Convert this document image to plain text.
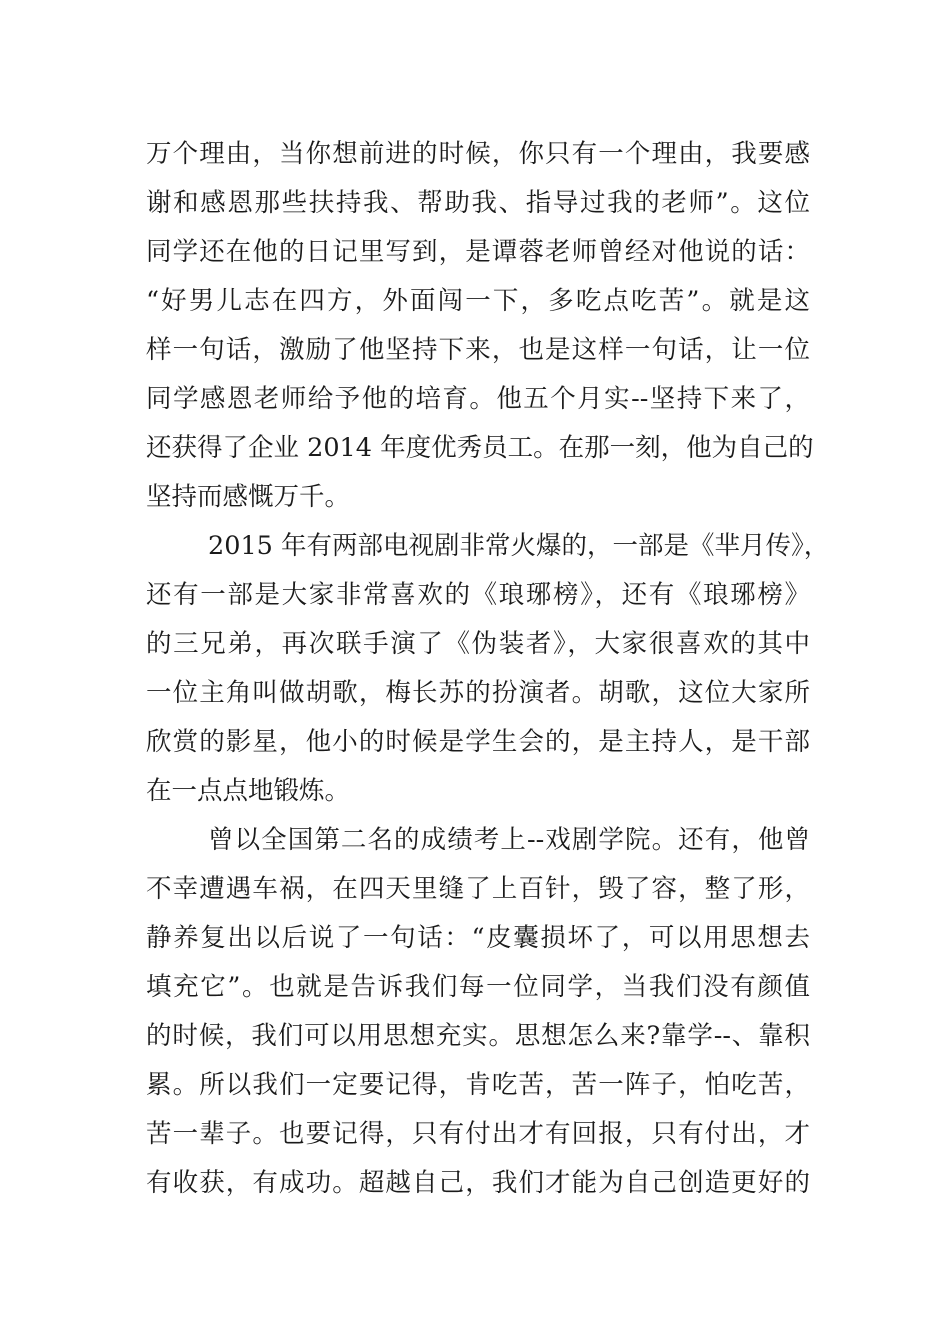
万个理由，当你想前进的时候，你只有一个理由，我要感
谢和感恩那些扶持我、帮助我、指导过我的老师”。这位
同学还在他的日记里写到，是谭蓉老师曾经对他说的话：
“好男儿志在四方，外面闯一下，多吃点吃苦”。就是这
样一句话，激励了他坚持下来，也是这样一句话，让一位
同学感恩老师给予他的培育。他五个月实--坚持下来了，
还获得了企业 2014 年度优秀员工。在那一刻，他为自己的
坚持而感慨万千。
2015 年有两部电视剧非常火爆的，一部是《芈月传》，
还有一部是大家非常喜欢的《琅琊榜》，还有《琅琊榜》
的三兄弟，再次联手演了《伪装者》，大家很喜欢的其中
一位主角叫做胡歌，梅长苏的扮演者。胡歌，这位大家所
欣赏的影星，他小的时候是学生会的，是主持人，是干部
在一点点地锻炼。
曾以全国第二名的成绩考上--戏剧学院。还有，他曾
不幸遭遇车祸，在四天里缝了上百针，毁了容，整了形，
静养复出以后说了一句话：“皮囊损坏了，可以用思想去
填充它”。也就是告诉我们每一位同学，当我们没有颜值
的时候，我们可以用思想充实。思想怎么来?靠学--、靠积
累。所以我们一定要记得，肯吃苦，苦一阵子，怕吃苦，
苦一辈子。也要记得，只有付出才有回报，只有付出，才
有收获，有成功。超越自己，我们才能为自己创造更好的
